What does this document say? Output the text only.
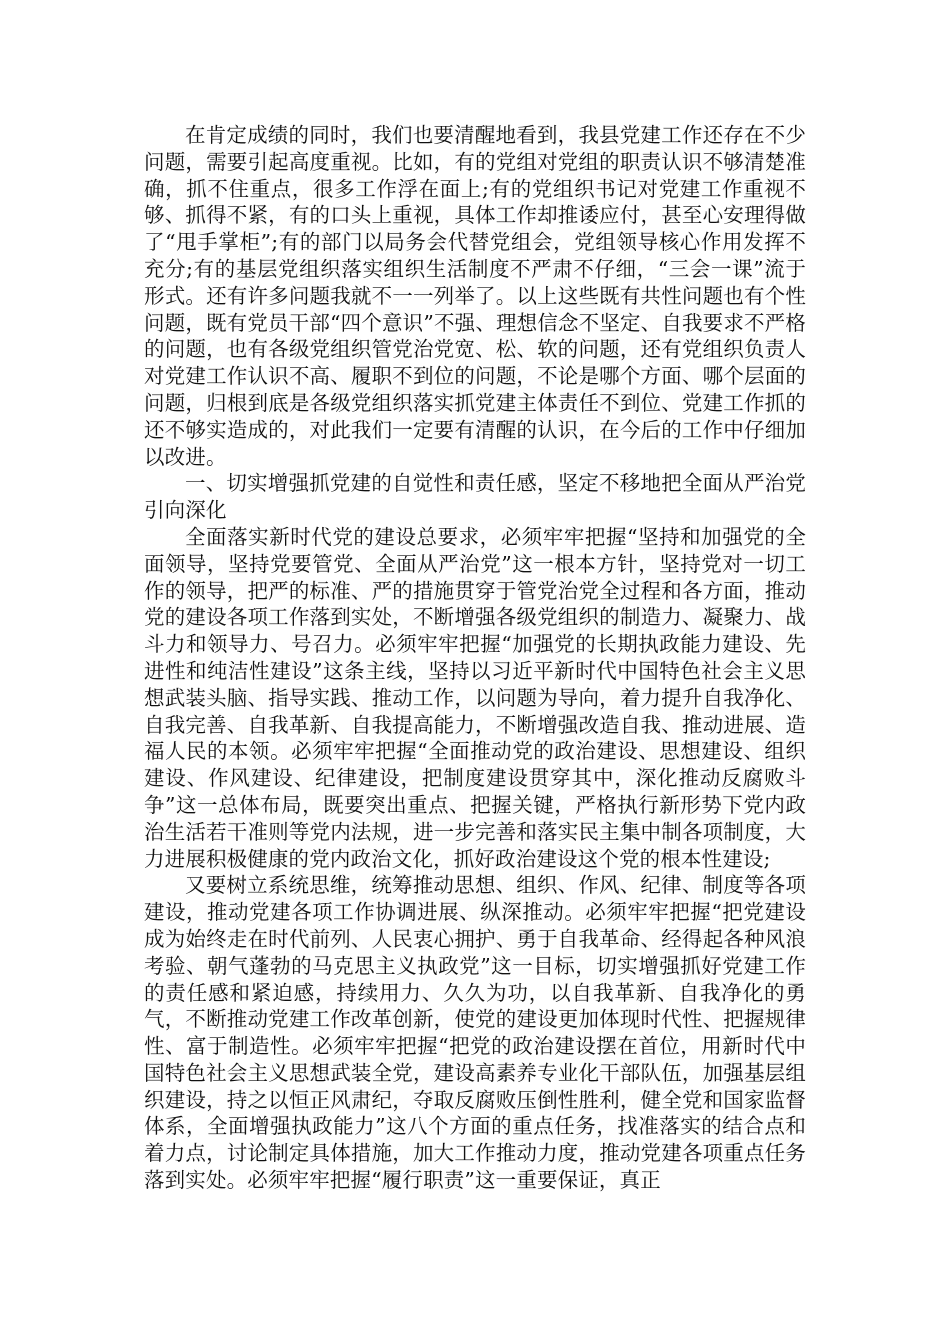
在肯定成绩的同时，我们也要清醒地看到，我县党建工作还存在不少问题，需要引起高度重视。比如，有的党组对党组的职责认识不够清楚准确，抓不住重点，很多工作浮在面上;有的党组织书记对党建工作重视不够、抓得不紧，有的口头上重视，具体工作却推诿应付，甚至心安理得做了“甩手掌柜”;有的部门以局务会代替党组会，党组领导核心作用发挥不充分;有的基层党组织落实组织生活制度不严肃不仔细，“三会一课”流于形式。还有许多问题我就不一一列举了。以上这些既有共性问题也有个性问题，既有党员干部“四个意识”不强、理想信念不坚定、自我要求不严格的问题，也有各级党组织管党治党宽、松、软的问题，还有党组织负责人对党建工作认识不高、履职不到位的问题，不论是哪个方面、哪个层面的问题，归根到底是各级党组织落实抓党建主体责任不到位、党建工作抓的还不够实造成的，对此我们一定要有清醒的认识，在今后的工作中仔细加以改进。

一、切实增强抓党建的自觉性和责任感，坚定不移地把全面从严治党引向深化

全面落实新时代党的建设总要求，必须牢牢把握“坚持和加强党的全面领导，坚持党要管党、全面从严治党”这一根本方针，坚持党对一切工作的领导，把严的标准、严的措施贯穿于管党治党全过程和各方面，推动党的建设各项工作落到实处，不断增强各级党组织的制造力、凝聚力、战斗力和领导力、号召力。必须牢牢把握“加强党的长期执政能力建设、先进性和纯洁性建设”这条主线，坚持以习近平新时代中国特色社会主义思想武装头脑、指导实践、推动工作，以问题为导向，着力提升自我净化、自我完善、自我革新、自我提高能力，不断增强改造自我、推动进展、造福人民的本领。必须牢牢把握“全面推动党的政治建设、思想建设、组织建设、作风建设、纪律建设，把制度建设贯穿其中，深化推动反腐败斗争”这一总体布局，既要突出重点、把握关键，严格执行新形势下党内政治生活若干准则等党内法规，进一步完善和落实民主集中制各项制度，大力进展积极健康的党内政治文化，抓好政治建设这个党的根本性建设;

又要树立系统思维，统筹推动思想、组织、作风、纪律、制度等各项建设，推动党建各项工作协调进展、纵深推动。必须牢牢把握“把党建设成为始终走在时代前列、人民衷心拥护、勇于自我革命、经得起各种风浪考验、朝气蓬勃的马克思主义执政党”这一目标，切实增强抓好党建工作的责任感和紧迫感，持续用力、久久为功，以自我革新、自我净化的勇气，不断推动党建工作改革创新，使党的建设更加体现时代性、把握规律性、富于制造性。必须牢牢把握“把党的政治建设摆在首位，用新时代中国特色社会主义思想武装全党，建设高素养专业化干部队伍，加强基层组织建设，持之以恒正风肃纪，夺取反腐败压倒性胜利，健全党和国家监督体系，全面增强执政能力”这八个方面的重点任务，找准落实的结合点和着力点，讨论制定具体措施，加大工作推动力度，推动党建各项重点任务落到实处。必须牢牢把握“履行职责”这一重要保证，真正
